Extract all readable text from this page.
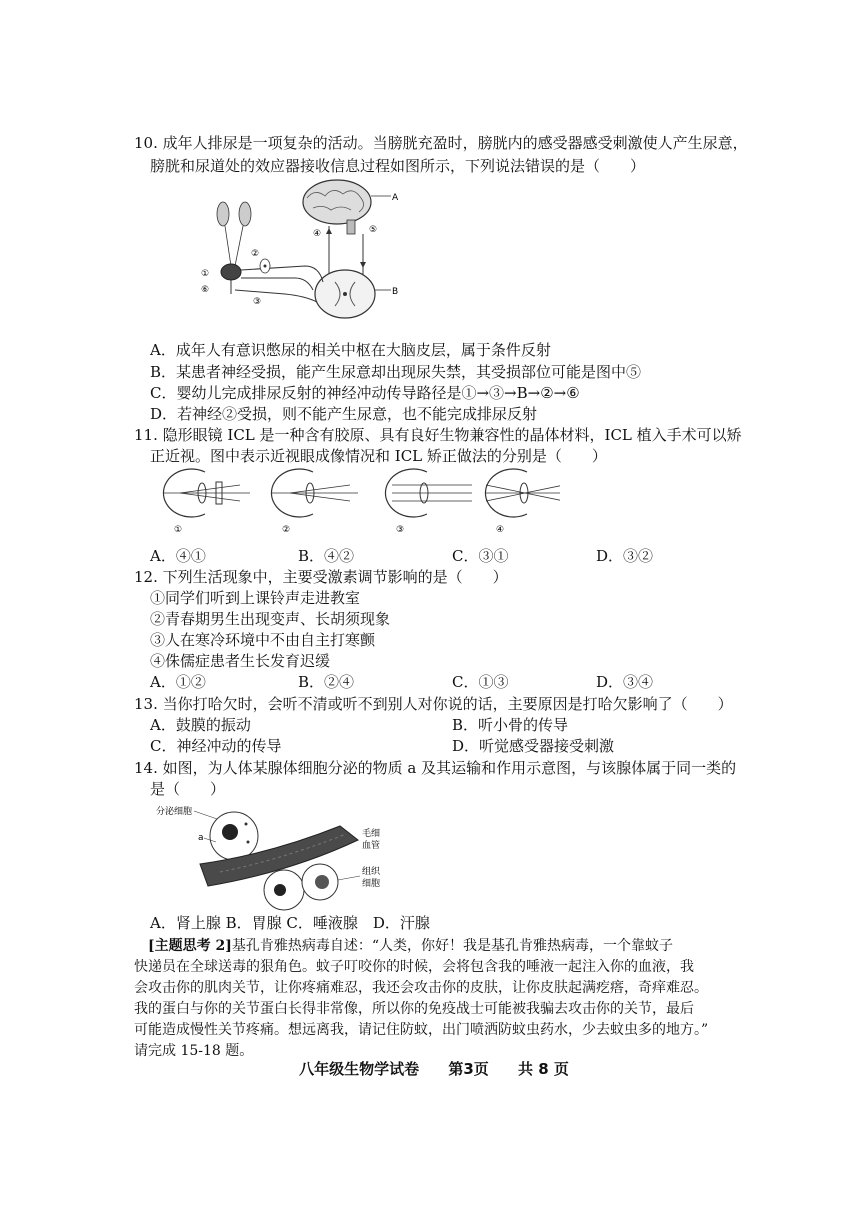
10. 成年人排尿是一项复杂的活动。当膀胱充盈时，膀胱内的感受器感受刺激使人产生尿意，
膀胱和尿道处的效应器接收信息过程如图所示，下列说法错误的是（　　）
A
④	⑤
B
①
⑥
②
③
A．成年人有意识憋尿的相关中枢在大脑皮层，属于条件反射
B．某患者神经受损，能产生尿意却出现尿失禁，其受损部位可能是图中⑤
C．婴幼儿完成排尿反射的神经冲动传导路径是①→③→B→②→⑥
D．若神经②受损，则不能产生尿意，也不能完成排尿反射
11. 隐形眼镜 ICL 是一种含有胶原、具有良好生物兼容性的晶体材料，ICL 植入手术可以矫
正近视。图中表示近视眼成像情况和 ICL 矫正做法的分别是（　　）
①	②	③	④
A．④①	B．④②	C．③①	D．③②
12. 下列生活现象中，主要受激素调节影响的是（　　）
①同学们听到上课铃声走进教室
②青春期男生出现变声、长胡须现象
③人在寒冷环境中不由自主打寒颤
④侏儒症患者生长发育迟缓
A．①②	B．②④	C．①③	D．③④
13. 当你打哈欠时，会听不清或听不到别人对你说的话，主要原因是打哈欠影响了（　　）
A．鼓膜的振动	B．听小骨的传导
C．神经冲动的传导	D．听觉感受器接受刺激
14. 如图，为人体某腺体细胞分泌的物质 a 及其运输和作用示意图，与该腺体属于同一类的
是（　　）
分泌细胞
a	毛细
血管
组织
细胞
A．肾上腺 B．胃腺 C．唾液腺　D．汗腺
[主题思考 2]基孔肯雅热病毒自述：“人类，你好！我是基孔肯雅热病毒，一个靠蚊子
快递员在全球送毒的狠角色。蚊子叮咬你的时候，会将包含我的唾液一起注入你的血液，我
会攻击你的肌肉关节，让你疼痛难忍，我还会攻击你的皮肤，让你皮肤起满疙瘩，奇痒难忍。
我的蛋白与你的关节蛋白长得非常像，所以你的免疫战士可能被我骗去攻击你的关节，最后
可能造成慢性关节疼痛。想远离我，请记住防蚊，出门喷洒防蚊虫药水，少去蚊虫多的地方。”
请完成 15-18 题。
八年级生物学试卷 第3页 共 8 页
